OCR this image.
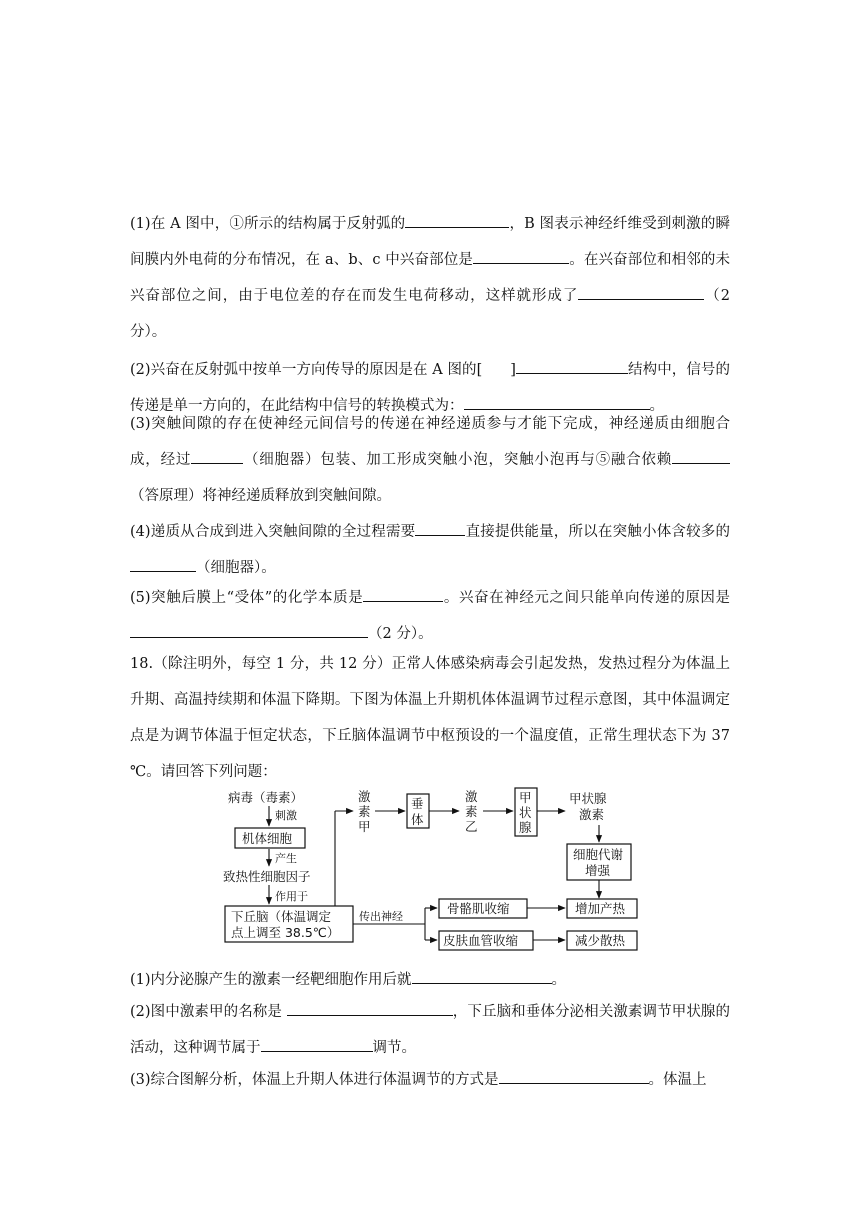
(1)在 A 图中，①所示的结构属于反射弧的	，B 图表示神经纤维受到刺激的瞬间膜内外电荷的分布情况，在 a、b、c 中兴奋部位是	。在兴奋部位和相邻的未兴奋部位之间，由于电位差的存在而发生电荷移动，这样就形成了	（2 分）。

(2)兴奋在反射弧中按单一方向传导的原因是在 A 图的[ ]	结构中，信号的传递是单一方向的，在此结构中信号的转换模式为：	。

(3)突触间隙的存在使神经元间信号的传递在神经递质参与才能下完成，神经递质由细胞合成，经过	（细胞器）包装、加工形成突触小泡，突触小泡再与⑤融合依赖（答原理）将神经递质释放到突触间隙。

(4)递质从合成到进入突触间隙的全过程需要	直接提供能量，所以在突触小体含较多的（细胞器）。

(5)突触后膜上“受体”的化学本质是	。兴奋在神经元之间只能单向传递的原因是（2 分）。

18.（除注明外，每空 1 分，共 12 分）正常人体感染病毒会引起发热，发热过程分为体温上升期、高温持续期和体温下降期。下图为体温上升期机体体温调节过程示意图，其中体温调定点是为调节体温于恒定状态，下丘脑体温调节中枢预设的一个温度值，正常生理状态下为 37 ℃。请回答下列问题：

病毒（毒素）
刺激
机体细胞
产生
致热性细胞因子
作用于
下丘脑（体温调定
点上调至 38.5℃）
激
素
甲
垂
体
激
素
乙
甲
状
腺
甲状腺
激素
细胞代谢
增强
传出神经
骨骼肌收缩
皮肤血管收缩
增加产热
减少散热

(1)内分泌腺产生的激素一经靶细胞作用后就	。

(2)图中激素甲的名称是	，下丘脑和垂体分泌相关激素调节甲状腺的活动，这种调节属于	调节。

(3)综合图解分析，体温上升期人体进行体温调节的方式是	。体温上
